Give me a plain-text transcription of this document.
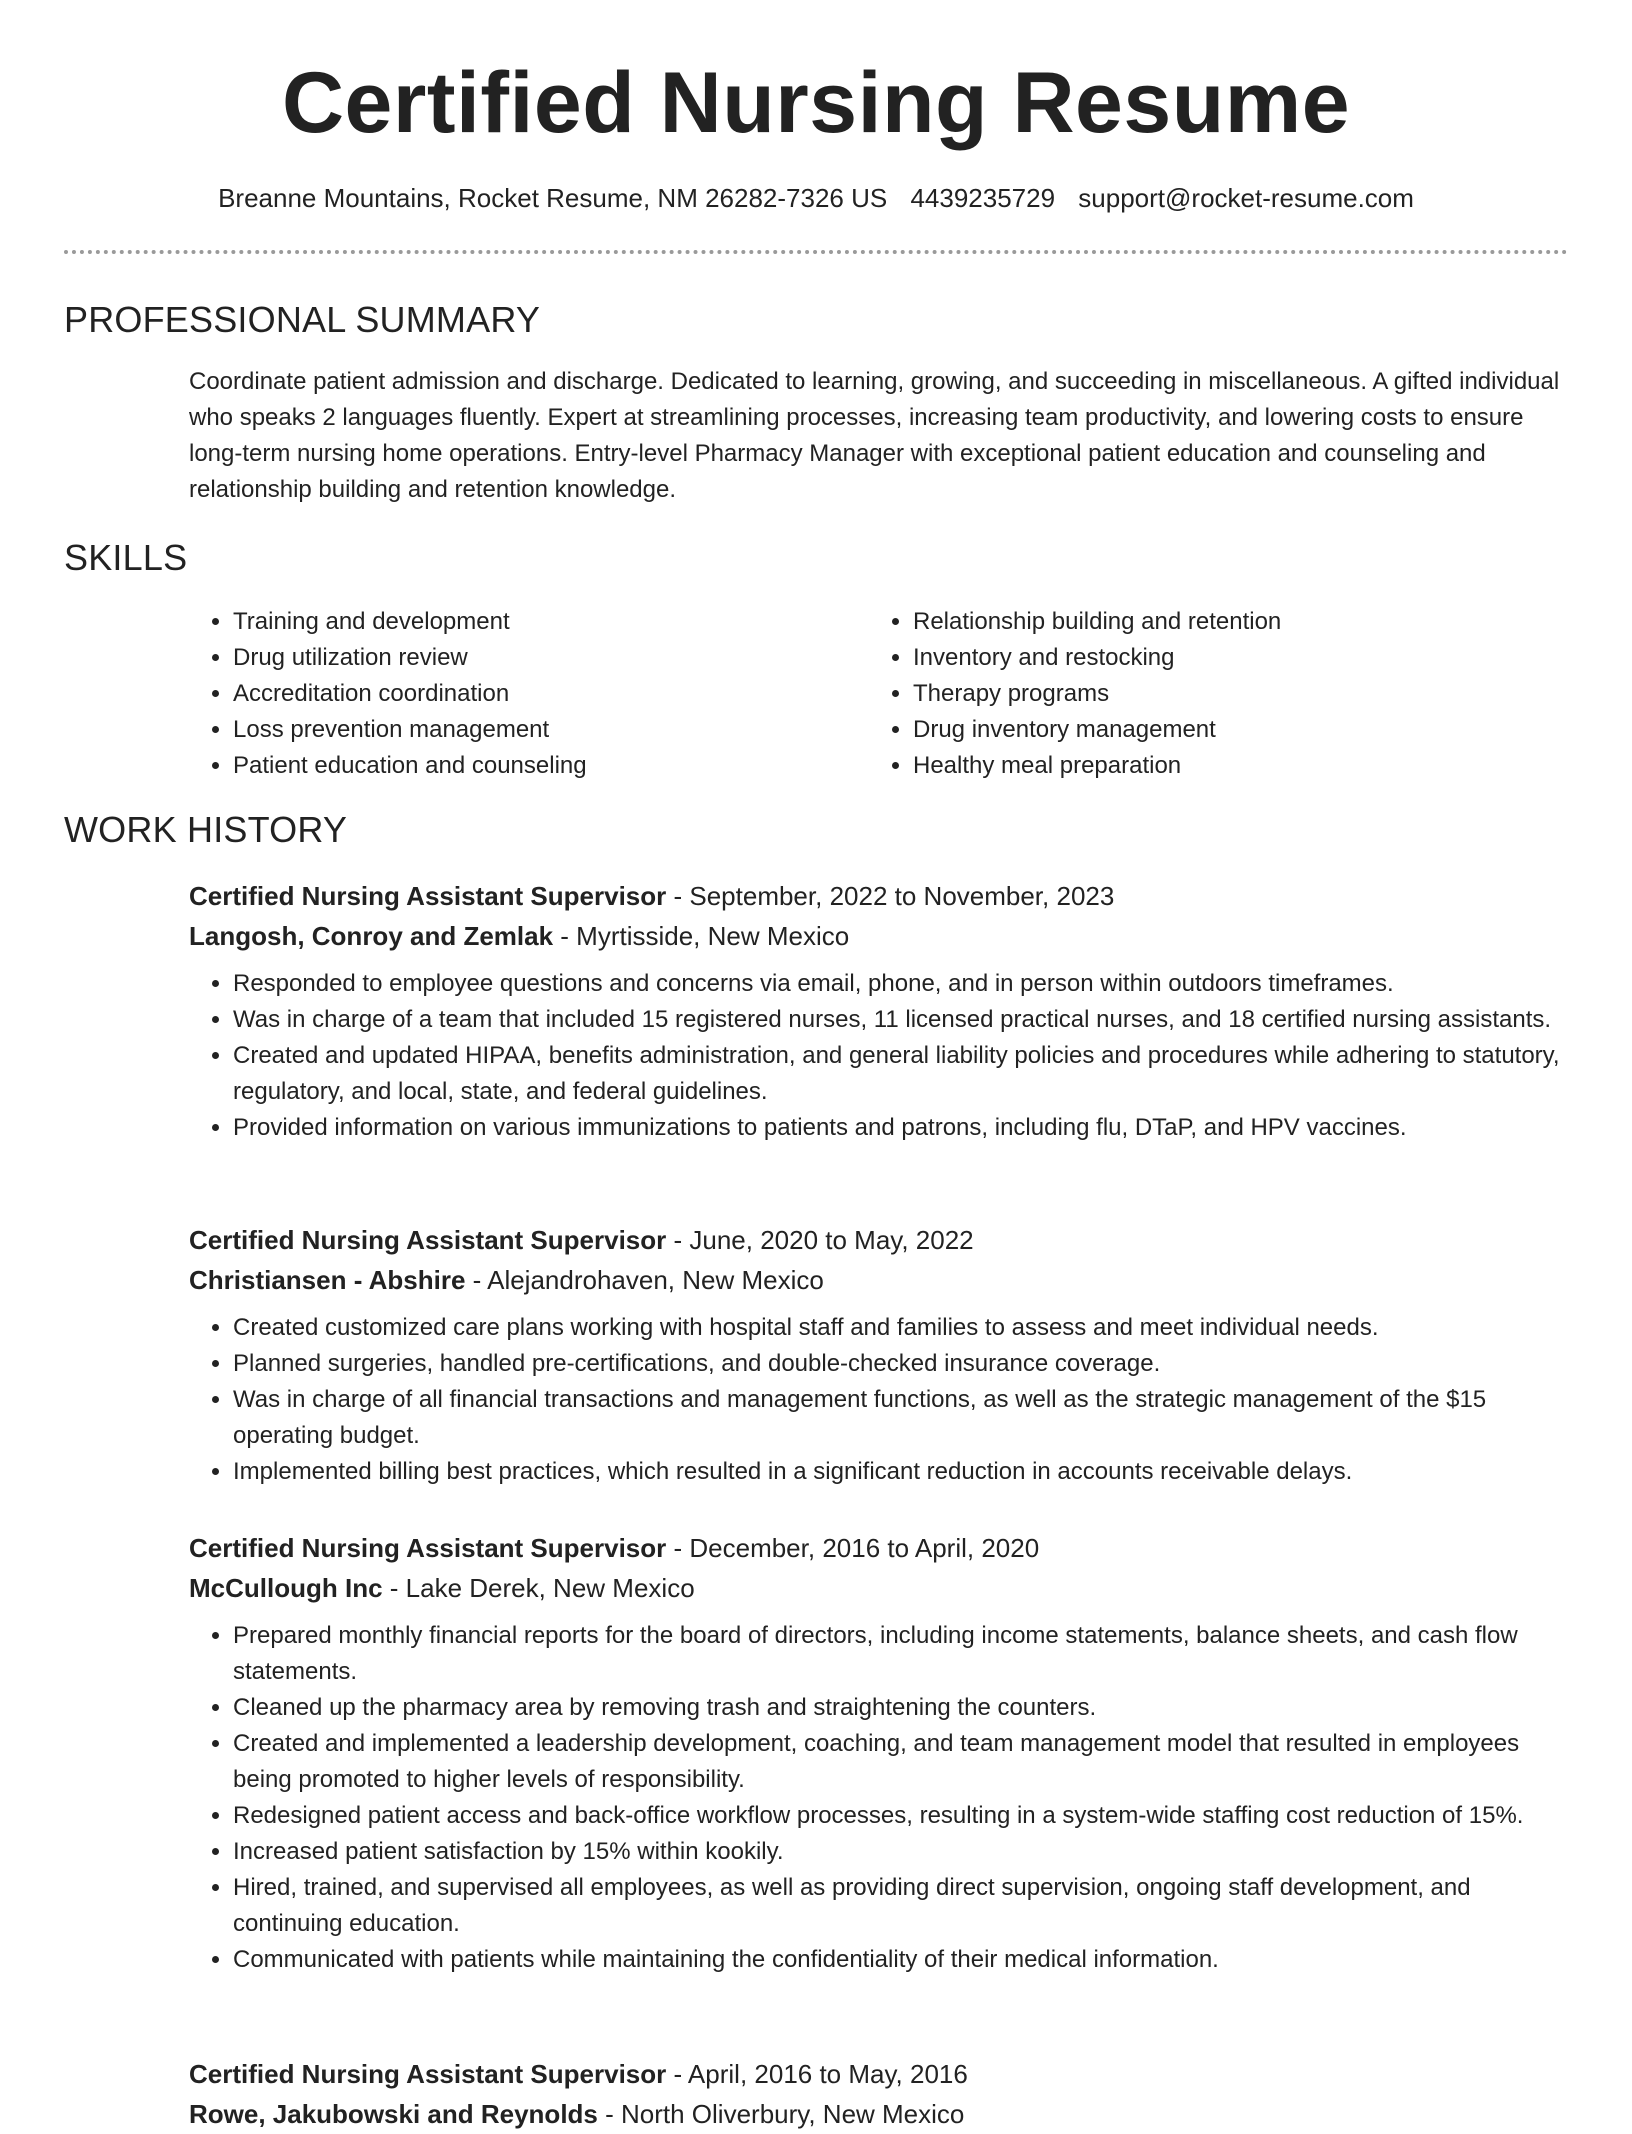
Certified Nursing Resume
Breanne Mountains, Rocket Resume, NM 26282-7326 US 4439235729 support@rocket-resume.com
PROFESSIONAL SUMMARY
Coordinate patient admission and discharge. Dedicated to learning, growing, and succeeding in miscellaneous. A gifted individual who speaks 2 languages fluently. Expert at streamlining processes, increasing team productivity, and lowering costs to ensure long-term nursing home operations. Entry-level Pharmacy Manager with exceptional patient education and counseling and relationship building and retention knowledge.
SKILLS
• Training and development
• Drug utilization review
• Accreditation coordination
• Loss prevention management
• Patient education and counseling
• Relationship building and retention
• Inventory and restocking
• Therapy programs
• Drug inventory management
• Healthy meal preparation
WORK HISTORY
Certified Nursing Assistant Supervisor - September, 2022 to November, 2023
Langosh, Conroy and Zemlak - Myrtisside, New Mexico
• Responded to employee questions and concerns via email, phone, and in person within outdoors timeframes.
• Was in charge of a team that included 15 registered nurses, 11 licensed practical nurses, and 18 certified nursing assistants.
• Created and updated HIPAA, benefits administration, and general liability policies and procedures while adhering to statutory, regulatory, and local, state, and federal guidelines.
• Provided information on various immunizations to patients and patrons, including flu, DTaP, and HPV vaccines.
Certified Nursing Assistant Supervisor - June, 2020 to May, 2022
Christiansen - Abshire - Alejandrohaven, New Mexico
• Created customized care plans working with hospital staff and families to assess and meet individual needs.
• Planned surgeries, handled pre-certifications, and double-checked insurance coverage.
• Was in charge of all financial transactions and management functions, as well as the strategic management of the $15 operating budget.
• Implemented billing best practices, which resulted in a significant reduction in accounts receivable delays.
Certified Nursing Assistant Supervisor - December, 2016 to April, 2020
McCullough Inc - Lake Derek, New Mexico
• Prepared monthly financial reports for the board of directors, including income statements, balance sheets, and cash flow statements.
• Cleaned up the pharmacy area by removing trash and straightening the counters.
• Created and implemented a leadership development, coaching, and team management model that resulted in employees being promoted to higher levels of responsibility.
• Redesigned patient access and back-office workflow processes, resulting in a system-wide staffing cost reduction of 15%.
• Increased patient satisfaction by 15% within kookily.
• Hired, trained, and supervised all employees, as well as providing direct supervision, ongoing staff development, and continuing education.
• Communicated with patients while maintaining the confidentiality of their medical information.
Certified Nursing Assistant Supervisor - April, 2016 to May, 2016
Rowe, Jakubowski and Reynolds - North Oliverbury, New Mexico
